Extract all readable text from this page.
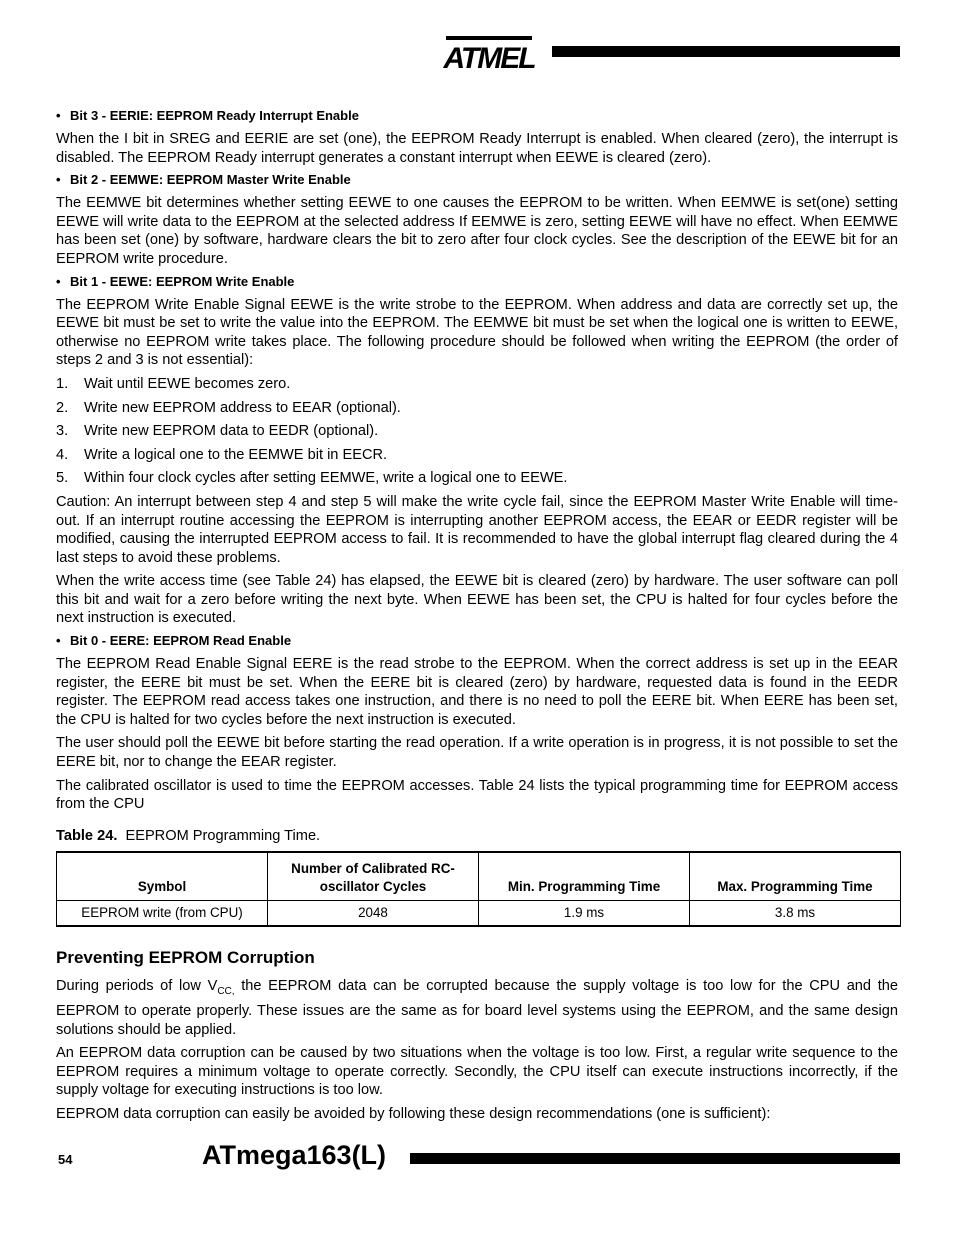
ATMEL
• Bit 3 - EERIE: EEPROM Ready Interrupt Enable

When the I bit in SREG and EERIE are set (one), the EEPROM Ready Interrupt is enabled. When cleared (zero), the interrupt is disabled. The EEPROM Ready interrupt generates a constant interrupt when EEWE is cleared (zero).

• Bit 2 - EEMWE: EEPROM Master Write Enable

The EEMWE bit determines whether setting EEWE to one causes the EEPROM to be written. When EEMWE is set(one) setting EEWE will write data to the EEPROM at the selected address If EEMWE is zero, setting EEWE will have no effect. When EEMWE has been set (one) by software, hardware clears the bit to zero after four clock cycles. See the description of the EEWE bit for an EEPROM write procedure.

• Bit 1 - EEWE: EEPROM Write Enable

The EEPROM Write Enable Signal EEWE is the write strobe to the EEPROM. When address and data are correctly set up, the EEWE bit must be set to write the value into the EEPROM. The EEMWE bit must be set when the logical one is written to EEWE, otherwise no EEPROM write takes place. The following procedure should be followed when writing the EEPROM (the order of steps 2 and 3 is not essential):

1.	Wait until EEWE becomes zero.
2.	Write new EEPROM address to EEAR (optional).
3.	Write new EEPROM data to EEDR (optional).
4.	Write a logical one to the EEMWE bit in EECR.
5.	Within four clock cycles after setting EEMWE, write a logical one to EEWE.

Caution: An interrupt between step 4 and step 5 will make the write cycle fail, since the EEPROM Master Write Enable will time-out. If an interrupt routine accessing the EEPROM is interrupting another EEPROM access, the EEAR or EEDR register will be modified, causing the interrupted EEPROM access to fail. It is recommended to have the global interrupt flag cleared during the 4 last steps to avoid these problems.

When the write access time (see Table 24) has elapsed, the EEWE bit is cleared (zero) by hardware. The user software can poll this bit and wait for a zero before writing the next byte. When EEWE has been set, the CPU is halted for four cycles before the next instruction is executed.

• Bit 0 - EERE: EEPROM Read Enable

The EEPROM Read Enable Signal EERE is the read strobe to the EEPROM. When the correct address is set up in the EEAR register, the EERE bit must be set. When the EERE bit is cleared (zero) by hardware, requested data is found in the EEDR register. The EEPROM read access takes one instruction, and there is no need to poll the EERE bit. When EERE has been set, the CPU is halted for two cycles before the next instruction is executed.

The user should poll the EEWE bit before starting the read operation. If a write operation is in progress, it is not possible to set the EERE bit, nor to change the EEAR register.

The calibrated oscillator is used to time the EEPROM accesses. Table 24 lists the typical programming time for EEPROM access from the CPU

Table 24. EEPROM Programming Time.
Symbol	Number of Calibrated RC-oscillator Cycles	Min. Programming Time	Max. Programming Time
EEPROM write (from CPU)	2048	1.9 ms	3.8 ms
Preventing EEPROM Corruption

During periods of low $V_{CC,}$ the EEPROM data can be corrupted because the supply voltage is too low for the CPU and the EEPROM to operate properly. These issues are the same as for board level systems using the EEPROM, and the same design solutions should be applied.

An EEPROM data corruption can be caused by two situations when the voltage is too low. First, a regular write sequence to the EEPROM requires a minimum voltage to operate correctly. Secondly, the CPU itself can execute instructions incorrectly, if the supply voltage for executing instructions is too low.

EEPROM data corruption can easily be avoided by following these design recommendations (one is sufficient):

54	ATmega163(L)
